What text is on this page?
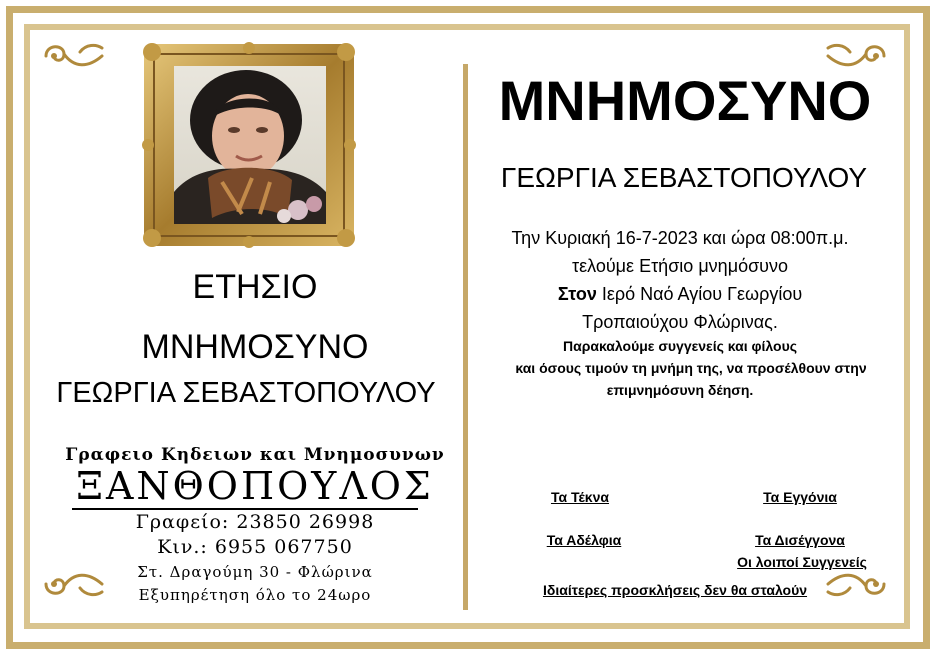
ΕΤΗΣΙΟ
ΜΝΗΜΟΣΥΝΟ
ΓΕΩΡΓΙΑ ΣΕΒΑΣΤΟΠΟΥΛΟΥ
Γραφειο Κηδειων και Μνημοσυνων
ΞΑΝΘΟΠΟΥΛΟΣ
Γραφείο: 23850 26998
Κιν.: 6955 067750
Στ. Δραγούμη 30 - Φλώρινα
Εξυπηρέτηση όλο το 24ωρο
ΜΝΗΜΟΣΥΝΟ
ΓΕΩΡΓΙΑ ΣΕΒΑΣΤΟΠΟΥΛΟΥ
Την Κυριακή 16-7-2023 και ώρα 08:00π.μ.
τελούμε Ετήσιο μνημόσυνο
Στον Ιερό Ναό Αγίου Γεωργίου
Τροπαιούχου Φλώρινας.
Παρακαλούμε συγγενείς και φίλους
και όσους τιμούν τη μνήμη της, να προσέλθουν στην
επιμνημόσυνη δέηση.
Τα Τέκνα	Τα Εγγόνια
Τα Αδέλφια	Τα Δισέγγονα
Οι λοιποί Συγγενείς
Ιδιαίτερες προσκλήσεις δεν θα σταλούν
